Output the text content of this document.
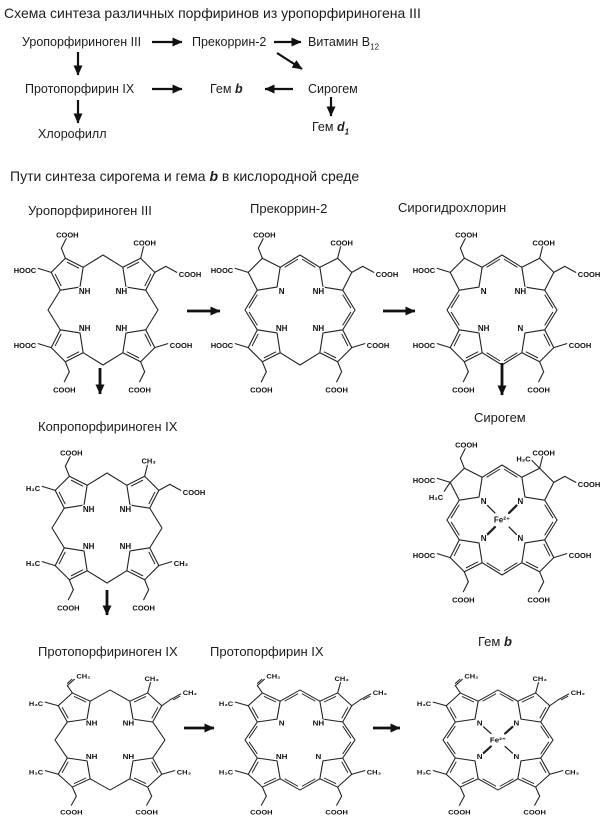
Схема синтеза различных порфиринов из уропорфириногена III
Уропорфириноген III	Прекоррин-2	Витамин $В_{12}$
Протопорфирин IX	Гем b	Сирогем
Хлорофилл	Гем $d_1$
Пути синтеза сирогема и гема b в кислородной среде
Уропорфириноген III	Прекоррин-2	Сирогидрохлорин
Копропорфириноген IX
Сирогем
Протопорфириноген IX Протопорфирин IX
Гем b
COOH
HOOC
COOH
COOH
HOOC
COOH
COOH
COOH
NH	NH
NH	NH
COOH
HOOC
COOH
COOH
HOOC
COOH
COOH
COOH
N	NH
NH	NH
COOH
HOOC
COOH
COOH
HOOC
COOH
COOH
COOH
N	NH
NH	N
COOH
H₃C
CH₃
COOH
H₃C
COOH
CH₃
COOH
NH	NH
NH	NH
COOH
HOOC
H₃C
COOH
H₃C
COOH
HOOC
COOH
COOH
COOH
N	N
N	N
Fe²⁺
CH₂
H₃C
CH₃
CH₂
H₃C
COOH
CH₃
COOH
NH	NH
NH	NH
CH₂
H₃C
CH₃
CH₂
H₃C
COOH
CH₃
COOH
N	NH
NH	N
CH₂
H₃C
CH₃
CH₂
H₃C
COOH
CH₃
COOH
N	N
N	N
Fe²⁺
